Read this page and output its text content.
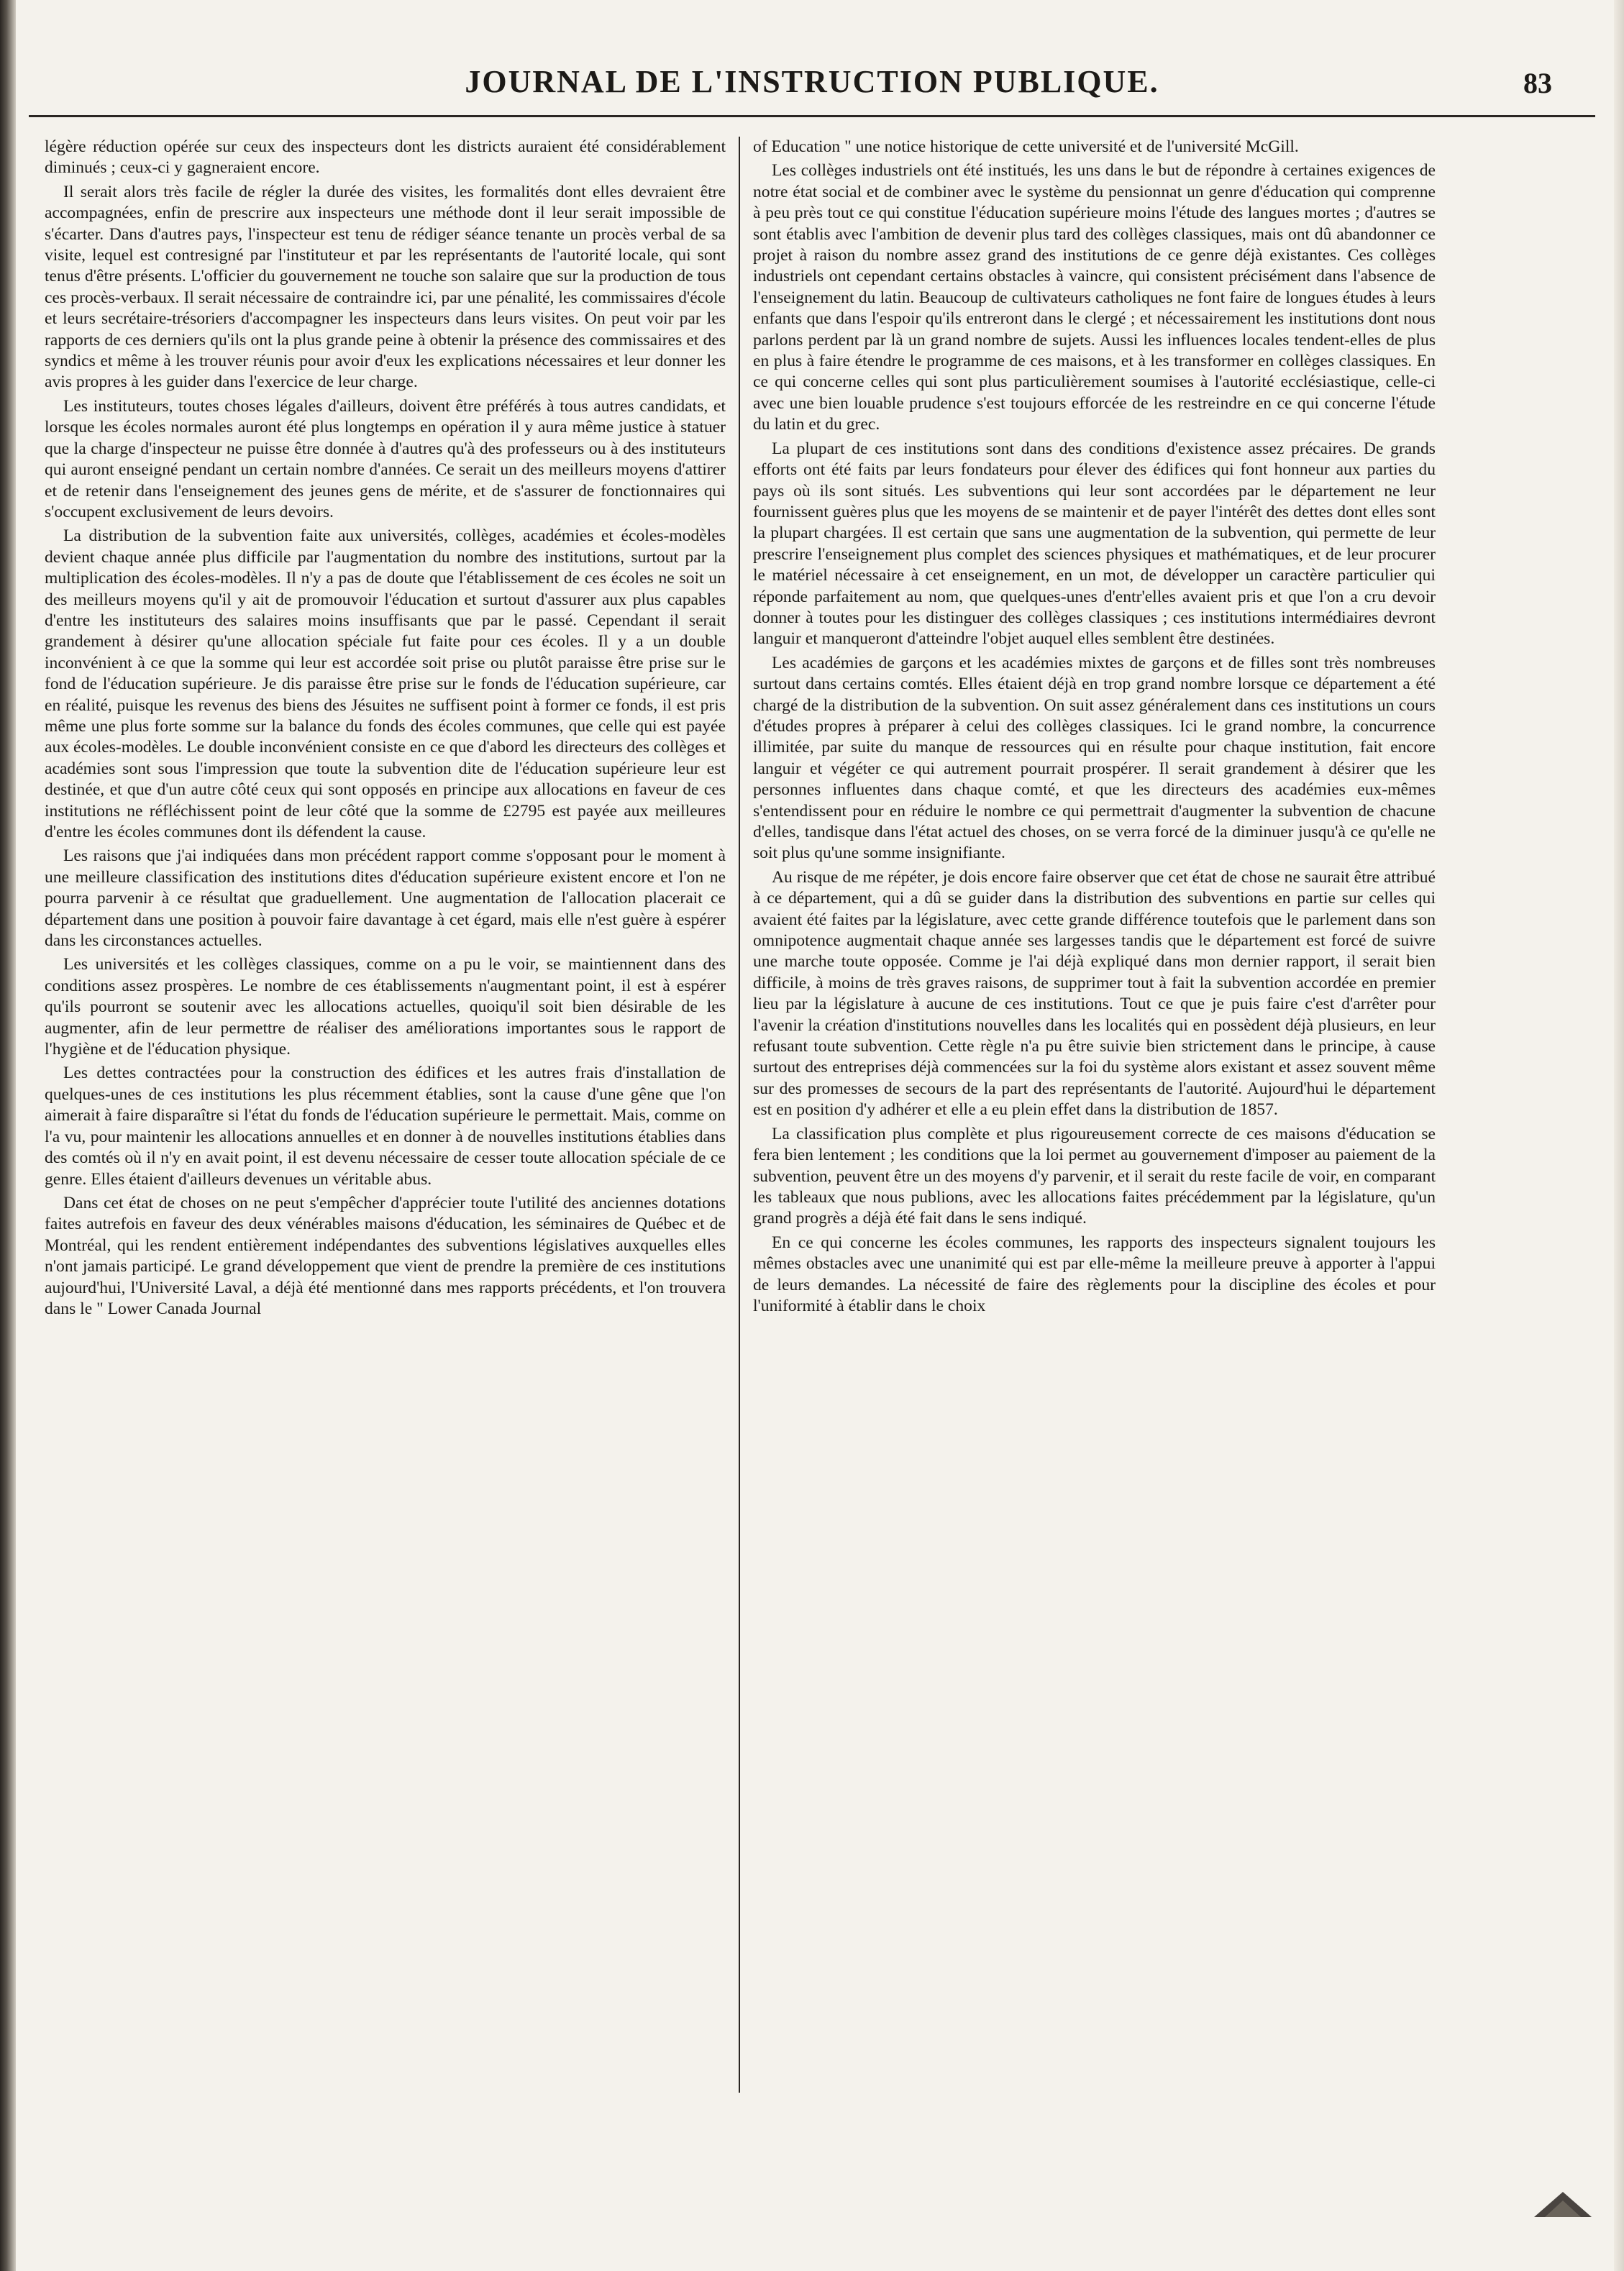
JOURNAL DE L'INSTRUCTION PUBLIQUE.	83

légère réduction opérée sur ceux des inspecteurs dont les districts auraient été considérablement diminués ; ceux-ci y gagneraient encore.

Il serait alors très facile de régler la durée des visites, les formalités dont elles devraient être accompagnées, enfin de prescrire aux inspecteurs une méthode dont il leur serait impossible de s'écarter. Dans d'autres pays, l'inspecteur est tenu de rédiger séance tenante un procès verbal de sa visite, lequel est contresigné par l'instituteur et par les représentants de l'autorité locale, qui sont tenus d'être présents. L'officier du gouvernement ne touche son salaire que sur la production de tous ces procès-verbaux. Il serait nécessaire de contraindre ici, par une pénalité, les commissaires d'école et leurs secrétaire-trésoriers d'accompagner les inspecteurs dans leurs visites. On peut voir par les rapports de ces derniers qu'ils ont la plus grande peine à obtenir la présence des commissaires et des syndics et même à les trouver réunis pour avoir d'eux les explications nécessaires et leur donner les avis propres à les guider dans l'exercice de leur charge.

Les instituteurs, toutes choses légales d'ailleurs, doivent être préférés à tous autres candidats, et lorsque les écoles normales auront été plus longtemps en opération il y aura même justice à statuer que la charge d'inspecteur ne puisse être donnée à d'autres qu'à des professeurs ou à des instituteurs qui auront enseigné pendant un certain nombre d'années. Ce serait un des meilleurs moyens d'attirer et de retenir dans l'enseignement des jeunes gens de mérite, et de s'assurer de fonctionnaires qui s'occupent exclusivement de leurs devoirs.

La distribution de la subvention faite aux universités, collèges, académies et écoles-modèles devient chaque année plus difficile par l'augmentation du nombre des institutions, surtout par la multiplication des écoles-modèles. Il n'y a pas de doute que l'établissement de ces écoles ne soit un des meilleurs moyens qu'il y ait de promouvoir l'éducation et surtout d'assurer aux plus capables d'entre les instituteurs des salaires moins insuffisants que par le passé. Cependant il serait grandement à désirer qu'une allocation spéciale fut faite pour ces écoles. Il y a un double inconvénient à ce que la somme qui leur est accordée soit prise ou plutôt paraisse être prise sur le fond de l'éducation supérieure. Je dis paraisse être prise sur le fonds de l'éducation supérieure, car en réalité, puisque les revenus des biens des Jésuites ne suffisent point à former ce fonds, il est pris même une plus forte somme sur la balance du fonds des écoles communes, que celle qui est payée aux écoles-modèles. Le double inconvénient consiste en ce que d'abord les directeurs des collèges et académies sont sous l'impression que toute la subvention dite de l'éducation supérieure leur est destinée, et que d'un autre côté ceux qui sont opposés en principe aux allocations en faveur de ces institutions ne réfléchissent point de leur côté que la somme de £2795 est payée aux meilleures d'entre les écoles communes dont ils défendent la cause.

Les raisons que j'ai indiquées dans mon précédent rapport comme s'opposant pour le moment à une meilleure classification des institutions dites d'éducation supérieure existent encore et l'on ne pourra parvenir à ce résultat que graduellement. Une augmentation de l'allocation placerait ce département dans une position à pouvoir faire davantage à cet égard, mais elle n'est guère à espérer dans les circonstances actuelles.

Les universités et les collèges classiques, comme on a pu le voir, se maintiennent dans des conditions assez prospères. Le nombre de ces établissements n'augmentant point, il est à espérer qu'ils pourront se soutenir avec les allocations actuelles, quoiqu'il soit bien désirable de les augmenter, afin de leur permettre de réaliser des améliorations importantes sous le rapport de l'hygiène et de l'éducation physique.

Les dettes contractées pour la construction des édifices et les autres frais d'installation de quelques-unes de ces institutions les plus récemment établies, sont la cause d'une gêne que l'on aimerait à faire disparaître si l'état du fonds de l'éducation supérieure le permettait. Mais, comme on l'a vu, pour maintenir les allocations annuelles et en donner à de nouvelles institutions établies dans des comtés où il n'y en avait point, il est devenu nécessaire de cesser toute allocation spéciale de ce genre. Elles étaient d'ailleurs devenues un véritable abus.

Dans cet état de choses on ne peut s'empêcher d'apprécier toute l'utilité des anciennes dotations faites autrefois en faveur des deux vénérables maisons d'éducation, les séminaires de Québec et de Montréal, qui les rendent entièrement indépendantes des subventions législatives auxquelles elles n'ont jamais participé. Le grand développement que vient de prendre la première de ces institutions aujourd'hui, l'Université Laval, a déjà été mentionné dans mes rapports précédents, et l'on trouvera dans le " Lower Canada Journal

of Education " une notice historique de cette université et de l'université McGill.

Les collèges industriels ont été institués, les uns dans le but de répondre à certaines exigences de notre état social et de combiner avec le système du pensionnat un genre d'éducation qui comprenne à peu près tout ce qui constitue l'éducation supérieure moins l'étude des langues mortes ; d'autres se sont établis avec l'ambition de devenir plus tard des collèges classiques, mais ont dû abandonner ce projet à raison du nombre assez grand des institutions de ce genre déjà existantes. Ces collèges industriels ont cependant certains obstacles à vaincre, qui consistent précisément dans l'absence de l'enseignement du latin. Beaucoup de cultivateurs catholiques ne font faire de longues études à leurs enfants que dans l'espoir qu'ils entreront dans le clergé ; et nécessairement les institutions dont nous parlons perdent par là un grand nombre de sujets. Aussi les influences locales tendent-elles de plus en plus à faire étendre le programme de ces maisons, et à les transformer en collèges classiques. En ce qui concerne celles qui sont plus particulièrement soumises à l'autorité ecclésiastique, celle-ci avec une bien louable prudence s'est toujours efforcée de les restreindre en ce qui concerne l'étude du latin et du grec.

La plupart de ces institutions sont dans des conditions d'existence assez précaires. De grands efforts ont été faits par leurs fondateurs pour élever des édifices qui font honneur aux parties du pays où ils sont situés. Les subventions qui leur sont accordées par le département ne leur fournissent guères plus que les moyens de se maintenir et de payer l'intérêt des dettes dont elles sont la plupart chargées. Il est certain que sans une augmentation de la subvention, qui permette de leur prescrire l'enseignement plus complet des sciences physiques et mathématiques, et de leur procurer le matériel nécessaire à cet enseignement, en un mot, de développer un caractère particulier qui réponde parfaitement au nom, que quelques-unes d'entr'elles avaient pris et que l'on a cru devoir donner à toutes pour les distinguer des collèges classiques ; ces institutions intermédiaires devront languir et manqueront d'atteindre l'objet auquel elles semblent être destinées.

Les académies de garçons et les académies mixtes de garçons et de filles sont très nombreuses surtout dans certains comtés. Elles étaient déjà en trop grand nombre lorsque ce département a été chargé de la distribution de la subvention. On suit assez généralement dans ces institutions un cours d'études propres à préparer à celui des collèges classiques. Ici le grand nombre, la concurrence illimitée, par suite du manque de ressources qui en résulte pour chaque institution, fait encore languir et végéter ce qui autrement pourrait prospérer. Il serait grandement à désirer que les personnes influentes dans chaque comté, et que les directeurs des académies eux-mêmes s'entendissent pour en réduire le nombre ce qui permettrait d'augmenter la subvention de chacune d'elles, tandisque dans l'état actuel des choses, on se verra forcé de la diminuer jusqu'à ce qu'elle ne soit plus qu'une somme insignifiante.

Au risque de me répéter, je dois encore faire observer que cet état de chose ne saurait être attribué à ce département, qui a dû se guider dans la distribution des subventions en partie sur celles qui avaient été faites par la législature, avec cette grande différence toutefois que le parlement dans son omnipotence augmentait chaque année ses largesses tandis que le département est forcé de suivre une marche toute opposée. Comme je l'ai déjà expliqué dans mon dernier rapport, il serait bien difficile, à moins de très graves raisons, de supprimer tout à fait la subvention accordée en premier lieu par la législature à aucune de ces institutions. Tout ce que je puis faire c'est d'arrêter pour l'avenir la création d'institutions nouvelles dans les localités qui en possèdent déjà plusieurs, en leur refusant toute subvention. Cette règle n'a pu être suivie bien strictement dans le principe, à cause surtout des entreprises déjà commencées sur la foi du système alors existant et assez souvent même sur des promesses de secours de la part des représentants de l'autorité. Aujourd'hui le département est en position d'y adhérer et elle a eu plein effet dans la distribution de 1857.

La classification plus complète et plus rigoureusement correcte de ces maisons d'éducation se fera bien lentement ; les conditions que la loi permet au gouvernement d'imposer au paiement de la subvention, peuvent être un des moyens d'y parvenir, et il serait du reste facile de voir, en comparant les tableaux que nous publions, avec les allocations faites précédemment par la législature, qu'un grand progrès a déjà été fait dans le sens indiqué.

En ce qui concerne les écoles communes, les rapports des inspecteurs signalent toujours les mêmes obstacles avec une unanimité qui est par elle-même la meilleure preuve à apporter à l'appui de leurs demandes. La nécessité de faire des règlements pour la discipline des écoles et pour l'uniformité à établir dans le choix
